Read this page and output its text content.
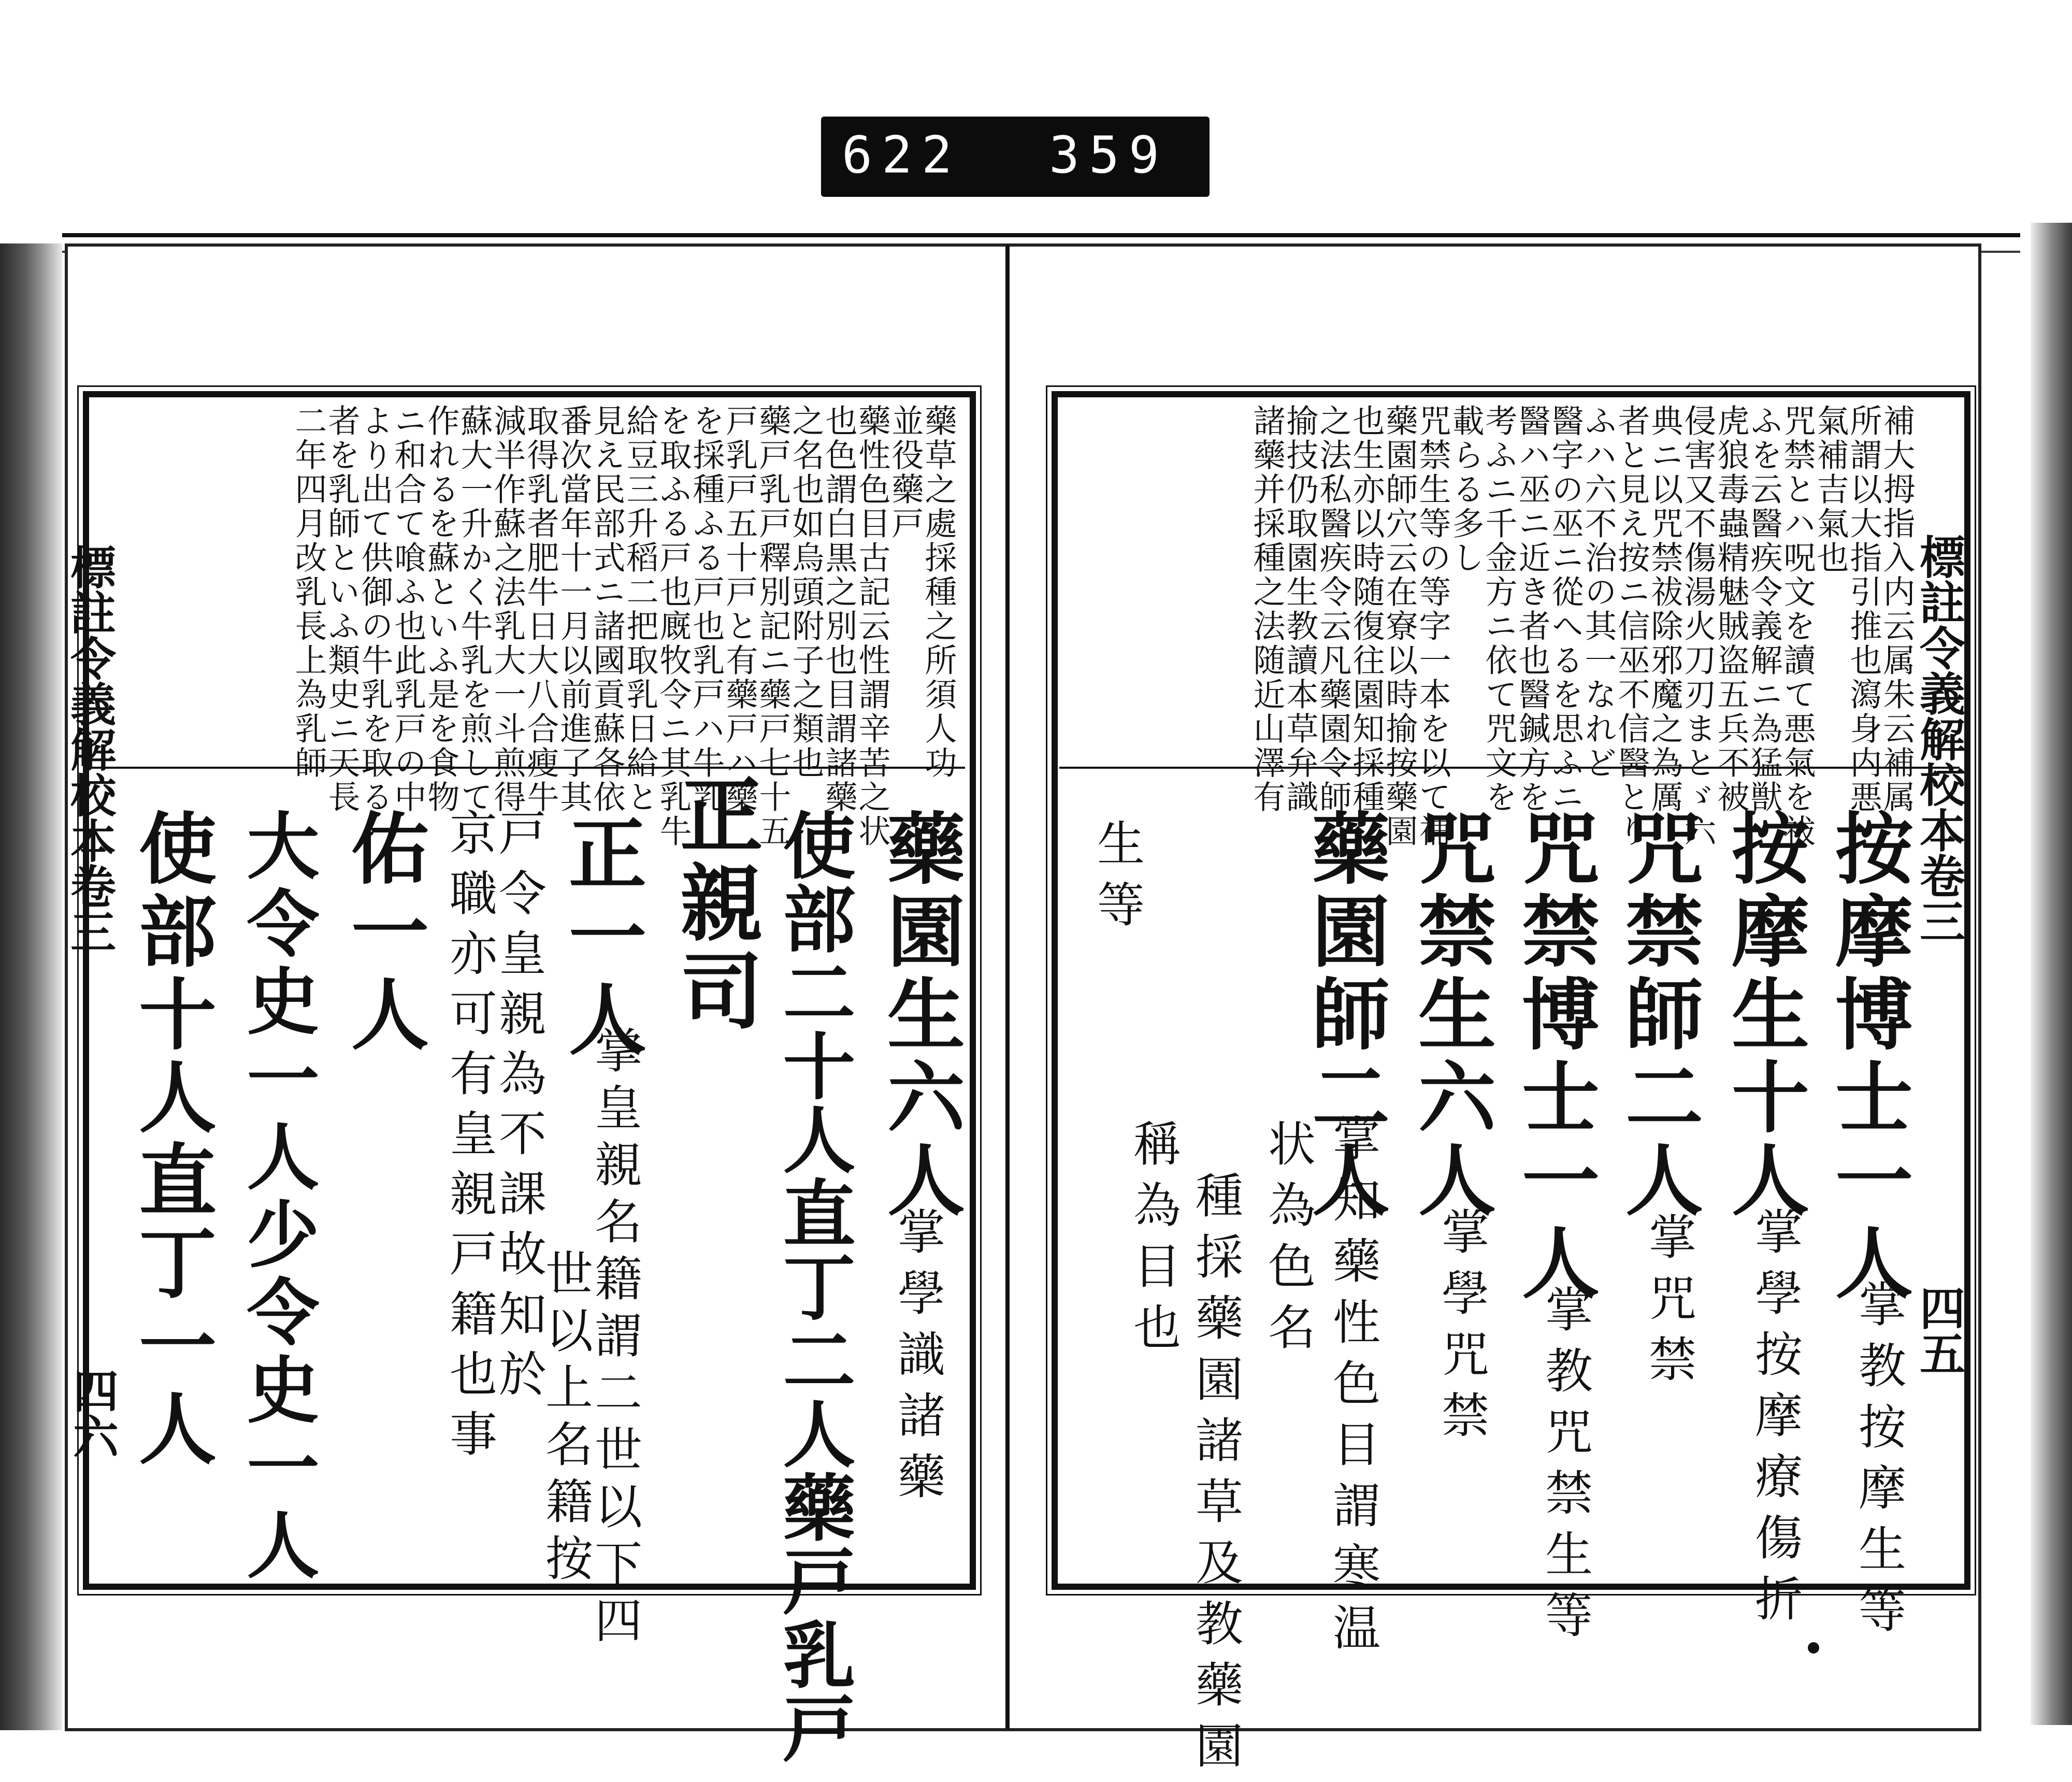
622 359
標註令義解校本卷三
四六
標註令義解校本卷三
四五
補大拇指入内云属朱云補属
所謂以大指引推也瀉身内悪
氣補吉氣也
咒禁とハ呪文を讀て悪氣を祓
ふを云醫疾令義解ニ為猛獣
虎狼毒蟲精魅賊盗五兵不被
侵害又不傷湯火刀刃まとゞ六
典ニ以咒禁祓除邪魔之為厲
者と見え按ニ信巫不信醫とり
ふハ六不治の其一なれど
醫字の巫ニ從へるを思ふニ
醫ハ巫ニ近き者也醫鍼方を
考ふニ千金方ニ依て咒文を
載らる多し
咒禁生等の等字一本を以て補
藥園師穴云在寮以時揄按藥園
也生亦以時随復往園知採種
之法私醫疾令云凡藥園令師
揄技仍取園生教讀本草弁識
諸藥并採種之法随近山澤有
按摩博士一人
掌教按摩生等
按摩生十人
掌學按摩療傷折
咒禁師二人
掌咒禁
咒禁博士一人
掌教咒禁生等
咒禁生六人
掌學咒禁
藥園師二人
掌知藥性色目謂寒温
状為色名
種採藥園諸草及教藥園
稱為目也
生等
藥草之處採種之所須人功
並役藥戸
藥性色目古記云性謂辛苦之状
也色謂白黒之別也目謂諸藥
之名也如烏頭附子之類也
藥戸乳戸釋別記ニ藥戸七十五
戸乳戸五十戸と有藥戸ハ藥
を採種ふる戸也乳戸ハ牛乳
を取ふる戸也廐牧令ニ其乳牛
給豆三升稻二把取乳日給と
見え民部式ニ諸國貢蘇各依
番次當年十一月以前進了其
取得乳者肥牛日大八合瘦牛
減半作蘇之法乳大一斗煎得
蘇大一升かく牛乳を煎して
作れるを蘇といふ是を食物
ニ和合て喰ふ也此乳戸の中
より出て供御の牛乳を取る
者を乳師といふ類史ニ天長
二年四月改乳長上為乳師
藥園生六人
掌學識諸藥
使部二十人直丁二人藥戸乳戸
正親司
正一人
掌皇親名籍謂二世以下四
世以上名籍按
戸令皇親為不課故知於
京職亦可有皇親戸籍也事
佑一人
大令史一人少令史一人
使部十人直丁一人
